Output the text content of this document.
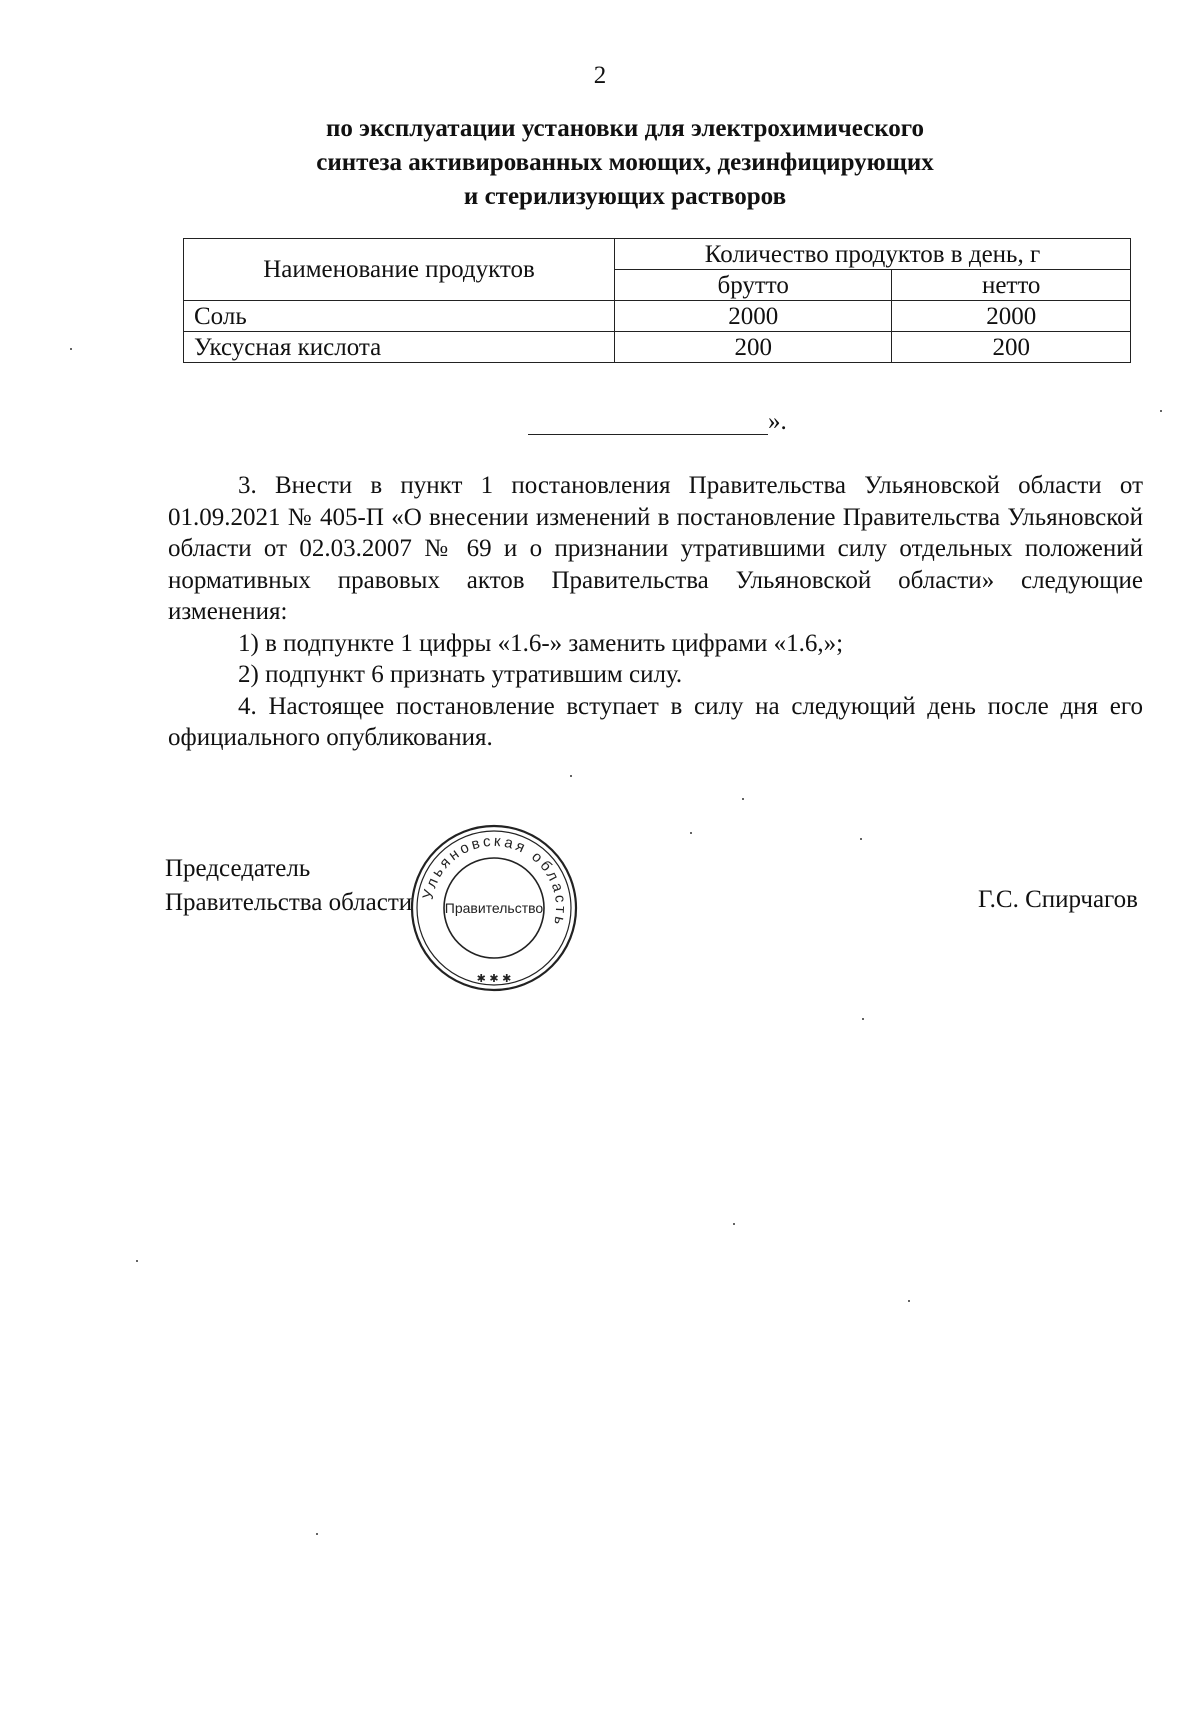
2
по эксплуатации установки для электрохимического
синтеза активированных моющих, дезинфицирующих
и стерилизующих растворов
Наименование продуктов	Количество продуктов в день, г	
	брутто	нетто
Соль	2000	2000
Уксусная кислота	200	200
».

3. Внести в пункт 1 постановления Правительства Ульяновской области от 01.09.2021 № 405-П «О внесении изменений в постановление Правительства Ульяновской области от 02.03.2007 № 69 и о признании утратившими силу отдельных положений нормативных правовых актов Правительства Ульяновской области» следующие изменения:

1) в подпункте 1 цифры «1.6-» заменить цифрами «1.6,»;

2) подпункт 6 признать утратившим силу.

4. Настоящее постановление вступает в силу на следующий день после дня его официального опубликования.

Председатель
Правительства области	Г.С. Спирчагов
Ульяновская область
Правительство
✱ ✱ ✱
